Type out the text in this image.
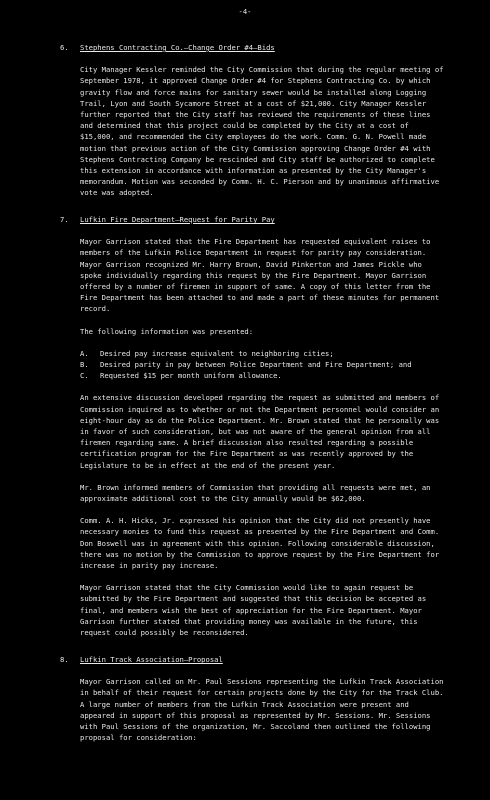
-4-
6. Stephens Contracting Co.—Change Order #4—Bids

City Manager Kessler reminded the City Commission that during the regular meeting of September 1978, it approved Change Order #4 for Stephens Contracting Co. by which gravity flow and force mains for sanitary sewer would be installed along Logging Trail, Lyon and South Sycamore Street at a cost of $21,000. City Manager Kessler further reported that the City staff has reviewed the requirements of these lines and determined that this project could be completed by the City at a cost of $15,000, and recommended the City employees do the work. Comm. G. N. Powell made motion that previous action of the City Commission approving Change Order #4 with Stephens Contracting Company be rescinded and City staff be authorized to complete this extension in accordance with information as presented by the City Manager's memorandum. Motion was seconded by Comm. H. C. Pierson and by unanimous affirmative vote was adopted.

7. Lufkin Fire Department—Request for Parity Pay

Mayor Garrison stated that the Fire Department has requested equivalent raises to members of the Lufkin Police Department in request for parity pay consideration. Mayor Garrison recognized Mr. Harry Brown, David Pinkerton and James Pickle who spoke individually regarding this request by the Fire Department. Mayor Garrison offered by a number of firemen in support of same. A copy of this letter from the Fire Department has been attached to and made a part of these minutes for permanent record.

The following information was presented:

A. Desired pay increase equivalent to neighboring cities;
B. Desired parity in pay between Police Department and Fire Department; and
C. Requested $15 per month uniform allowance.

An extensive discussion developed regarding the request as submitted and members of Commission inquired as to whether or not the Department personnel would consider an eight-hour day as do the Police Department. Mr. Brown stated that he personally was in favor of such consideration, but was not aware of the general opinion from all firemen regarding same. A brief discussion also resulted regarding a possible certification program for the Fire Department as was recently approved by the Legislature to be in effect at the end of the present year.

Mr. Brown informed members of Commission that providing all requests were met, an approximate additional cost to the City annually would be $62,000.

Comm. A. H. Hicks, Jr. expressed his opinion that the City did not presently have necessary monies to fund this request as presented by the Fire Department and Comm. Don Boswell was in agreement with this opinion. Following considerable discussion, there was no motion by the Commission to approve request by the Fire Department for increase in parity pay increase.

Mayor Garrison stated that the City Commission would like to again request be submitted by the Fire Department and suggested that this decision be accepted as final, and members wish the best of appreciation for the Fire Department. Mayor Garrison further stated that providing money was available in the future, this request could possibly be reconsidered.

8. Lufkin Track Association—Proposal

Mayor Garrison called on Mr. Paul Sessions representing the Lufkin Track Association in behalf of their request for certain projects done by the City for the Track Club. A large number of members from the Lufkin Track Association were present and appeared in support of this proposal as represented by Mr. Sessions. Mr. Sessions with Paul Sessions of the organization, Mr. Saccoland then outlined the following proposal for consideration:
